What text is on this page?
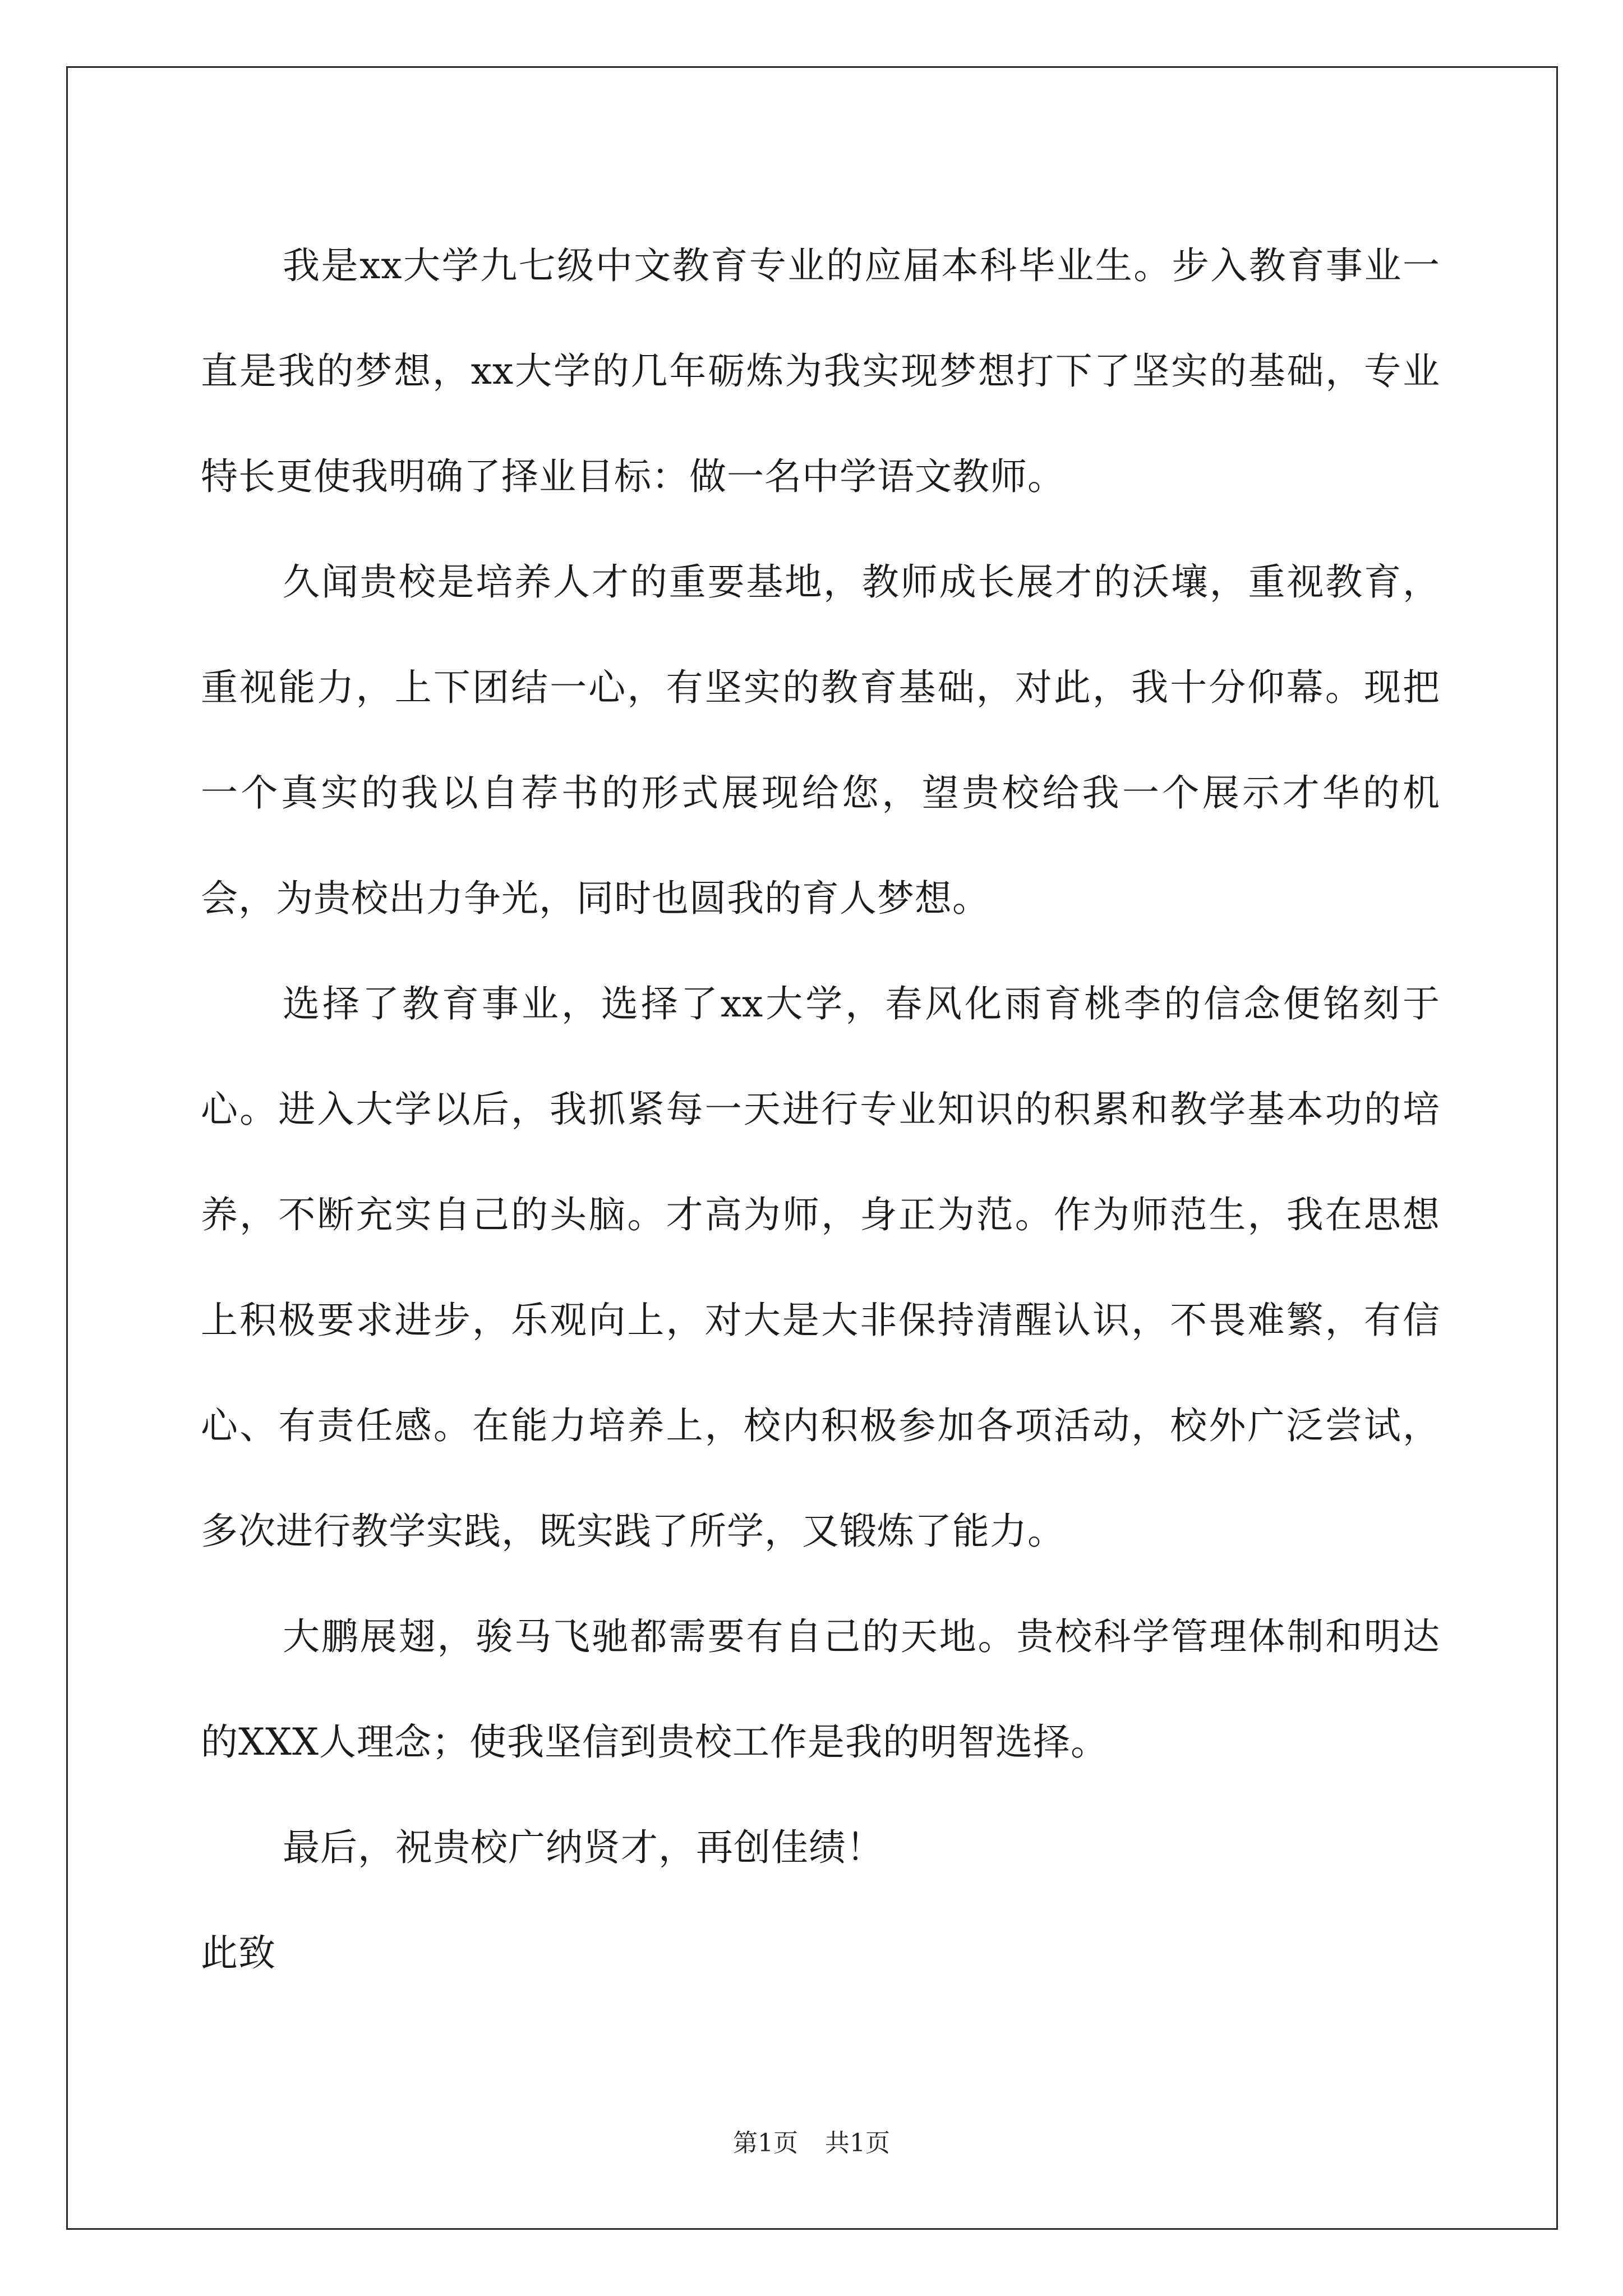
我是xx大学九七级中文教育专业的应届本科毕业生。步入教育事业一直是我的梦想，xx大学的几年砺炼为我实现梦想打下了坚实的基础，专业特长更使我明确了择业目标：做一名中学语文教师。

久闻贵校是培养人才的重要基地，教师成长展才的沃壤，重视教育，重视能力，上下团结一心，有坚实的教育基础，对此，我十分仰幕。现把一个真实的我以自荐书的形式展现给您，望贵校给我一个展示才华的机会，为贵校出力争光，同时也圆我的育人梦想。

选择了教育事业，选择了xx大学，春风化雨育桃李的信念便铭刻于心。进入大学以后，我抓紧每一天进行专业知识的积累和教学基本功的培养，不断充实自己的头脑。才高为师，身正为范。作为师范生，我在思想上积极要求进步，乐观向上，对大是大非保持清醒认识，不畏难繁，有信心、有责任感。在能力培养上，校内积极参加各项活动，校外广泛尝试，多次进行教学实践，既实践了所学，又锻炼了能力。

大鹏展翅，骏马飞驰都需要有自己的天地。贵校科学管理体制和明达的XXX人理念；使我坚信到贵校工作是我的明智选择。

最后，祝贵校广纳贤才，再创佳绩！

此致

第1页 共1页
